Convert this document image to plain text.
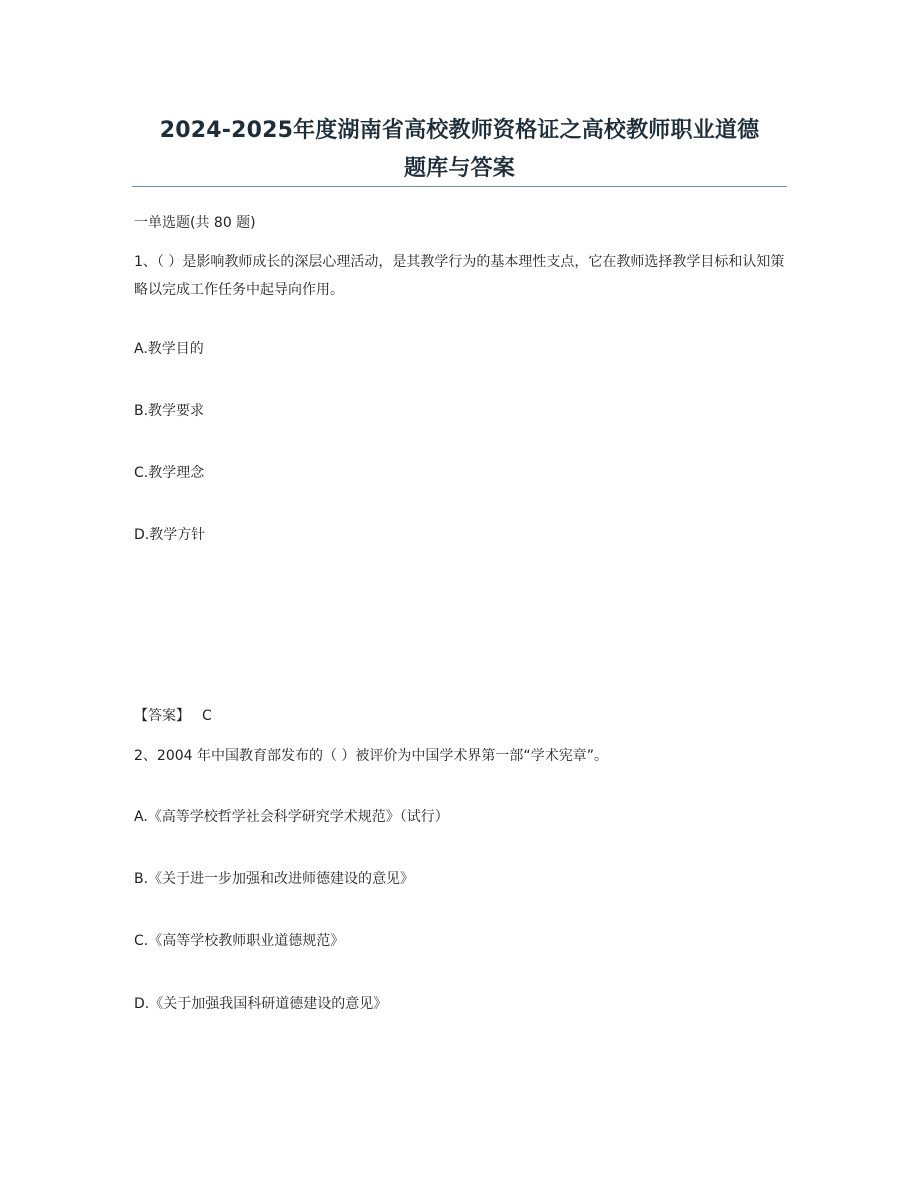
2024-2025年度湖南省高校教师资格证之高校教师职业道德
题库与答案
一单选题(共 80 题)
1、（ ）是影响教师成长的深层心理活动，是其教学行为的基本理性支点，它在教师选择教学目标和认知策略以完成工作任务中起导向作用。
A.教学目的
B.教学要求
C.教学理念
D.教学方针
【答案】 C
2、2004 年中国教育部发布的（ ）被评价为中国学术界第一部“学术宪章”。
A.《高等学校哲学社会科学研究学术规范》（试行）
B.《关于进一步加强和改进师德建设的意见》
C.《高等学校教师职业道德规范》
D.《关于加强我国科研道德建设的意见》
